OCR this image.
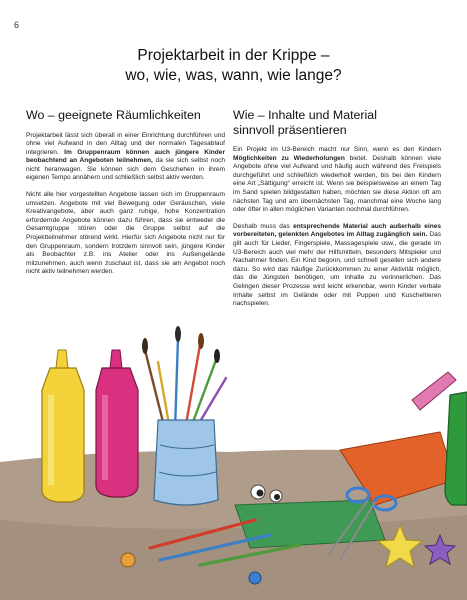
6
Projektarbeit in der Krippe –
wo, wie, was, wann, wie lange?
Wo – geeignete Räumlichkeiten

Projektarbeit lässt sich überall in einer Einrichtung durchführen und ohne viel Aufwand in den Alltag und der normalen Tagesablauf integrieren. Im Gruppenraum können auch jüngere Kinder beobachtend an Angeboten teilnehmen, da sie sich selbst noch nicht heranwagen. Sie können sich dem Geschehen in ihrem eigenen Tempo annähern und schließlich selbst aktiv werden.

Nicht alle hier vorgestellten Angebote lassen sich im Gruppenraum umsetzen. Angebote mit viel Bewegung oder Geräuschen, viele Kreativangebote, aber auch ganz ruhige, hohe Konzentration erfordernde Angebote können dazu führen, dass sie entweder die Gesamtgruppe stören oder die Gruppe selbst auf die Projektteilnehmer störend wirkt. Hierfür sich Angebote nicht nur für den Gruppenraum, sondern trotzdem sinnvoll sein, jüngere Kinder als Beobachter z.B. ins Atelier oder ins Außengelände mitzunehmen, auch wenn zuschaut ist, dass sie am Angebot noch nicht aktiv teilnehmen werden.

Wie – Inhalte und Material
sinnvoll präsentieren

Ein Projekt im U3-Bereich macht nur Sinn, wenn es den Kindern Möglichkeiten zu Wiederholungen bietet. Deshalb können viele Angebote ohne viel Aufwand und häufig auch während des Freispiels durchgeführt und schließlich wiederholt werden, bis bei den Kindern eine Art „Sättigung“ erreicht ist. Wenn sie beispielsweise an einem Tag im Sand spielen bildgestalten haben, möchten sie diese Aktion oft am nächsten Tag und am übernächsten Tag, manchmal eine Woche lang oder öfter in allen möglichen Varianten nochmal durchführen.

Deshalb muss das entsprechende Material auch außerhalb eines vorbereiteten, gelenkten Angebotes im Alltag zugänglich sein. Das gilt auch für Lieder, Fingerspiele, Massagespiele usw., die gerade im U3-Bereich auch viel mehr der Hilfsmitteln, besonders Mitspieler und Nachahmer finden. Ein Kind begonn, und schnell gesellen sich andere dazu. So wird das häufige Zurückkommen zu einer Aktivität möglich, das die Jüngsten benötigen, um Inhalte zu verinnerlichen. Das Gelingen dieser Prozesse wird leicht erkennbar, wenn Kinder verbale Inhalte selbst im Gelände oder mit Puppen und Kuscheltieren nachspielen.
